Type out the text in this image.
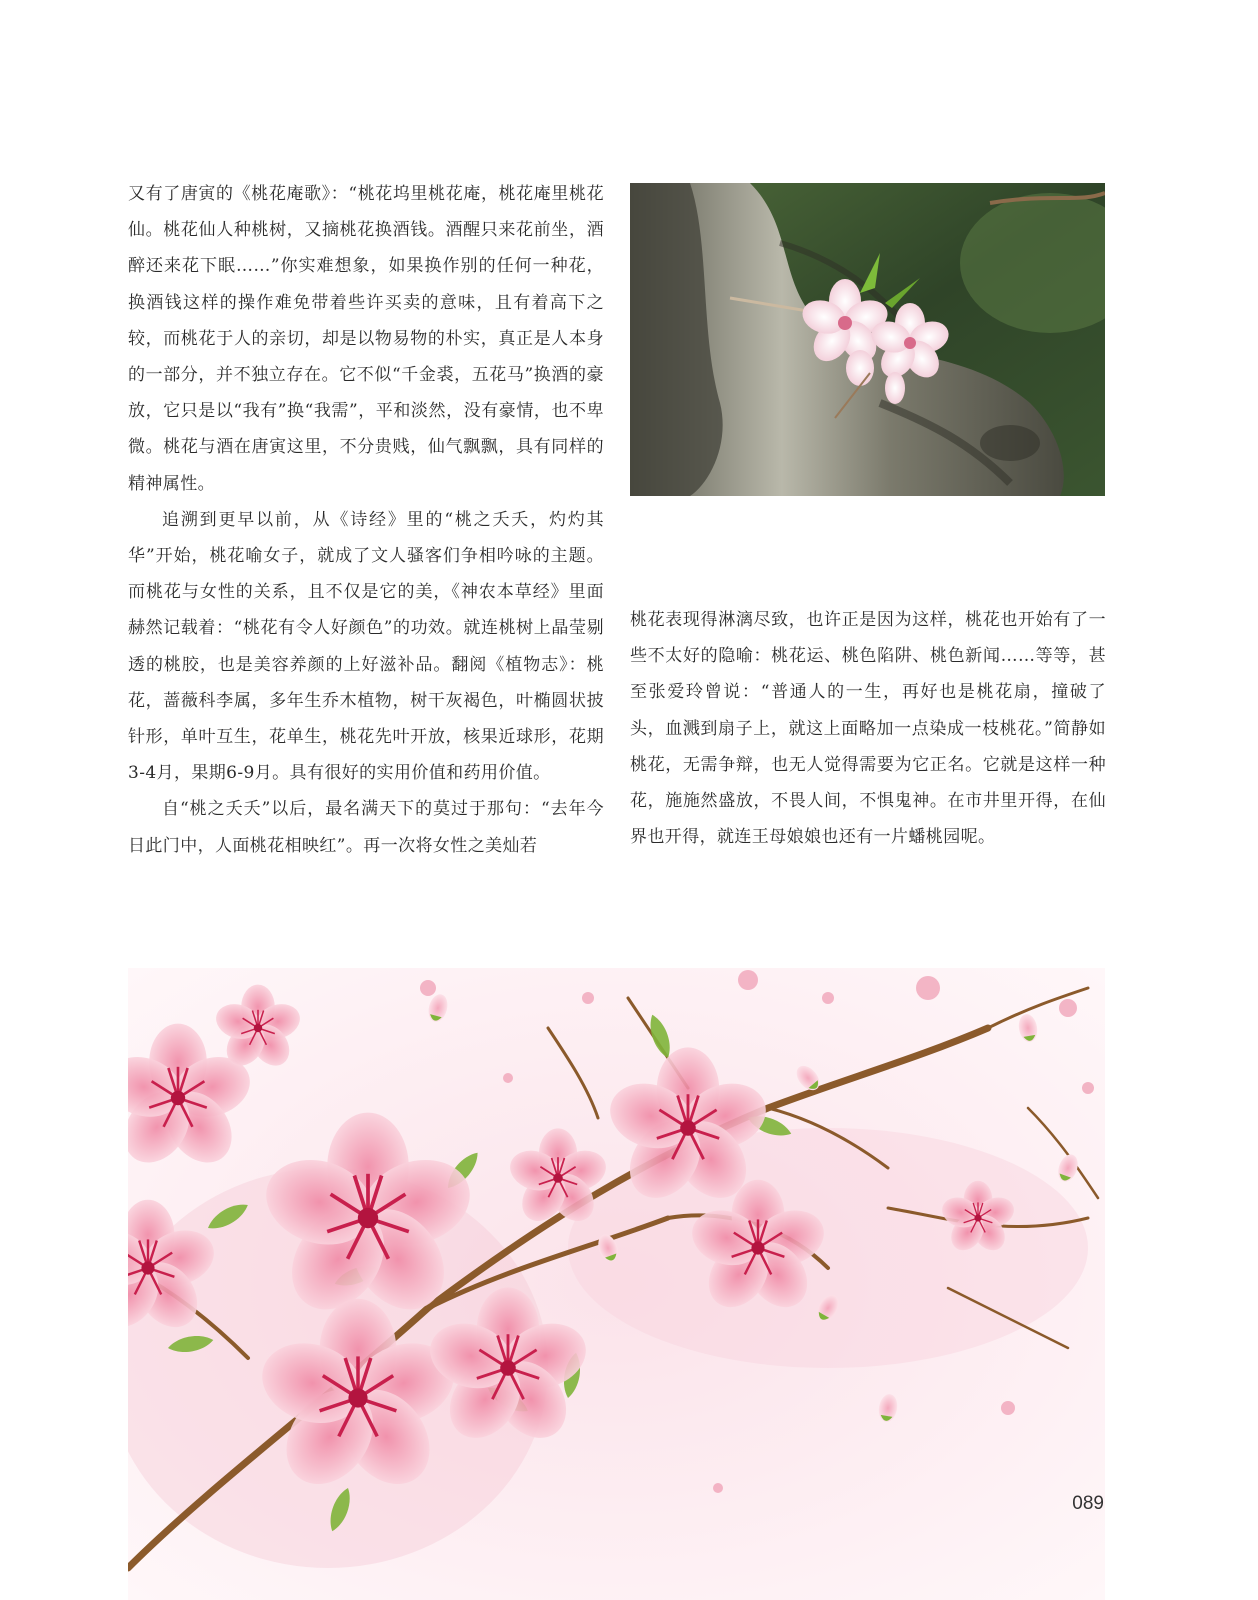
又有了唐寅的《桃花庵歌》：“桃花坞里桃花庵，桃花庵里桃花仙。桃花仙人种桃树，又摘桃花换酒钱。酒醒只来花前坐，酒醉还来花下眠……”你实难想象，如果换作别的任何一种花，换酒钱这样的操作难免带着些许买卖的意味，且有着高下之较，而桃花于人的亲切，却是以物易物的朴实，真正是人本身的一部分，并不独立存在。它不似“千金裘，五花马”换酒的豪放，它只是以“我有”换“我需”，平和淡然，没有豪情，也不卑微。桃花与酒在唐寅这里，不分贵贱，仙气飘飘，具有同样的精神属性。

追溯到更早以前，从《诗经》里的“桃之夭夭，灼灼其华”开始，桃花喻女子，就成了文人骚客们争相吟咏的主题。而桃花与女性的关系，且不仅是它的美，《神农本草经》里面赫然记载着：“桃花有令人好颜色”的功效。就连桃树上晶莹剔透的桃胶，也是美容养颜的上好滋补品。翻阅《植物志》：桃花，蔷薇科李属，多年生乔木植物，树干灰褐色，叶椭圆状披针形，单叶互生，花单生，桃花先叶开放，核果近球形，花期3-4月，果期6-9月。具有很好的实用价值和药用价值。

自“桃之夭夭”以后，最名满天下的莫过于那句：“去年今日此门中，人面桃花相映红”。再一次将女性之美灿若

桃花表现得淋漓尽致，也许正是因为这样，桃花也开始有了一些不太好的隐喻：桃花运、桃色陷阱、桃色新闻……等等，甚至张爱玲曾说：“普通人的一生，再好也是桃花扇，撞破了头，血溅到扇子上，就这上面略加一点染成一枝桃花。”简静如桃花，无需争辩，也无人觉得需要为它正名。它就是这样一种花，施施然盛放，不畏人间，不惧鬼神。在市井里开得，在仙界也开得，就连王母娘娘也还有一片蟠桃园呢。

089
